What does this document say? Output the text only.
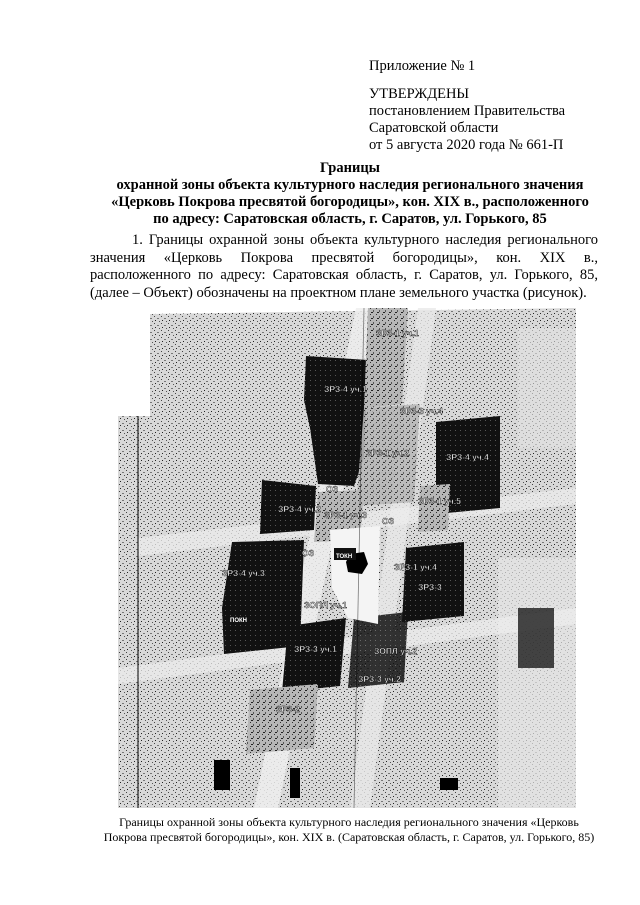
Приложение № 1
УТВЕРЖДЕНЫ
постановлением Правительства
Саратовской области
от 5 августа 2020 года № 661-П
Границы
охранной зоны объекта культурного наследия регионального значения
«Церковь Покрова пресвятой богородицы», кон. XIX в., расположенного
по адресу: Саратовская область, г. Саратов, ул. Горького, 85
1. Границы охранной зоны объекта культурного наследия регионального значения «Церковь Покрова пресвятой богородицы», кон. XIX в., расположенного по адресу: Саратовская область, г. Саратов, ул. Горького, 85, (далее – Объект) обозначены на проектном плане земельного участка (рисунок).
ЗРЗ-1 уч.1
ЗРЗ-4 уч.1
ЗРЗ-3 уч.4
ЗРЗ-1 уч.2	ЗРЗ-4 уч.4
ЗРЗ-4 уч.2
ЗРЗ-1 уч.3
ЗРЗ-1 уч.5
ЗРЗ-1 уч.4
ЗРЗ-4 уч.3
ЗРЗ-3
ЗОПЛ уч.1
ЗОПЛ уч.2
ЗРЗ-3 уч.1
ЗРЗ-3 уч.2
ЗРЗ-2
ОЗ
ОЗ
ОЗ	ТОКН
ПОКН
Границы охранной зоны объекта культурного наследия регионального значения «Церковь
Покрова пресвятой богородицы», кон. XIX в. (Саратовская область, г. Саратов, ул. Горького, 85)
